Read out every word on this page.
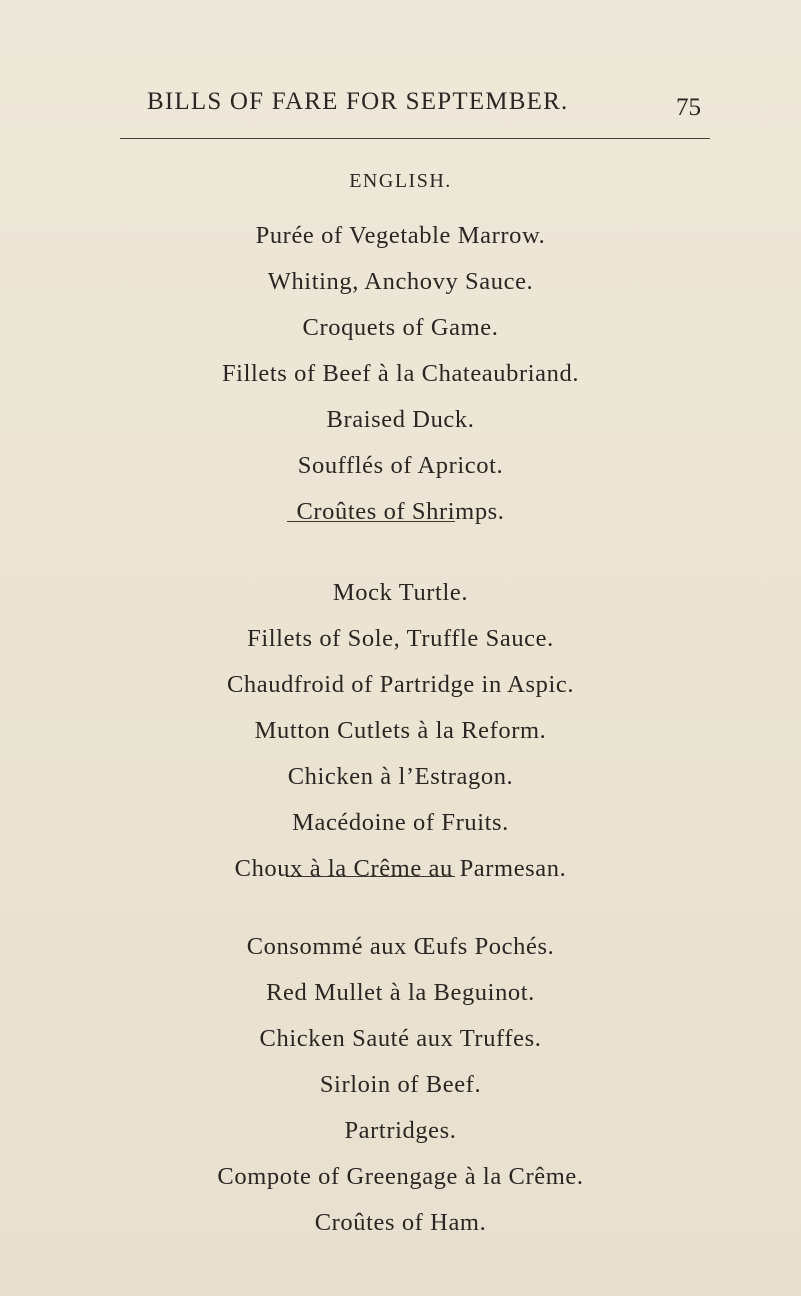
BILLS OF FARE FOR SEPTEMBER.	75
ENGLISH.
Purée of Vegetable Marrow.
Whiting, Anchovy Sauce.
Croquets of Game.
Fillets of Beef à la Chateaubriand.
Braised Duck.
Soufflés of Apricot.
Croûtes of Shrimps.
Mock Turtle.
Fillets of Sole, Truffle Sauce.
Chaudfroid of Partridge in Aspic.
Mutton Cutlets à la Reform.
Chicken à l’Estragon.
Macédoine of Fruits.
Choux à la Crême au Parmesan.
Consommé aux Œufs Pochés.
Red Mullet à la Beguinot.
Chicken Sauté aux Truffes.
Sirloin of Beef.
Partridges.
Compote of Greengage à la Crême.
Croûtes of Ham.
